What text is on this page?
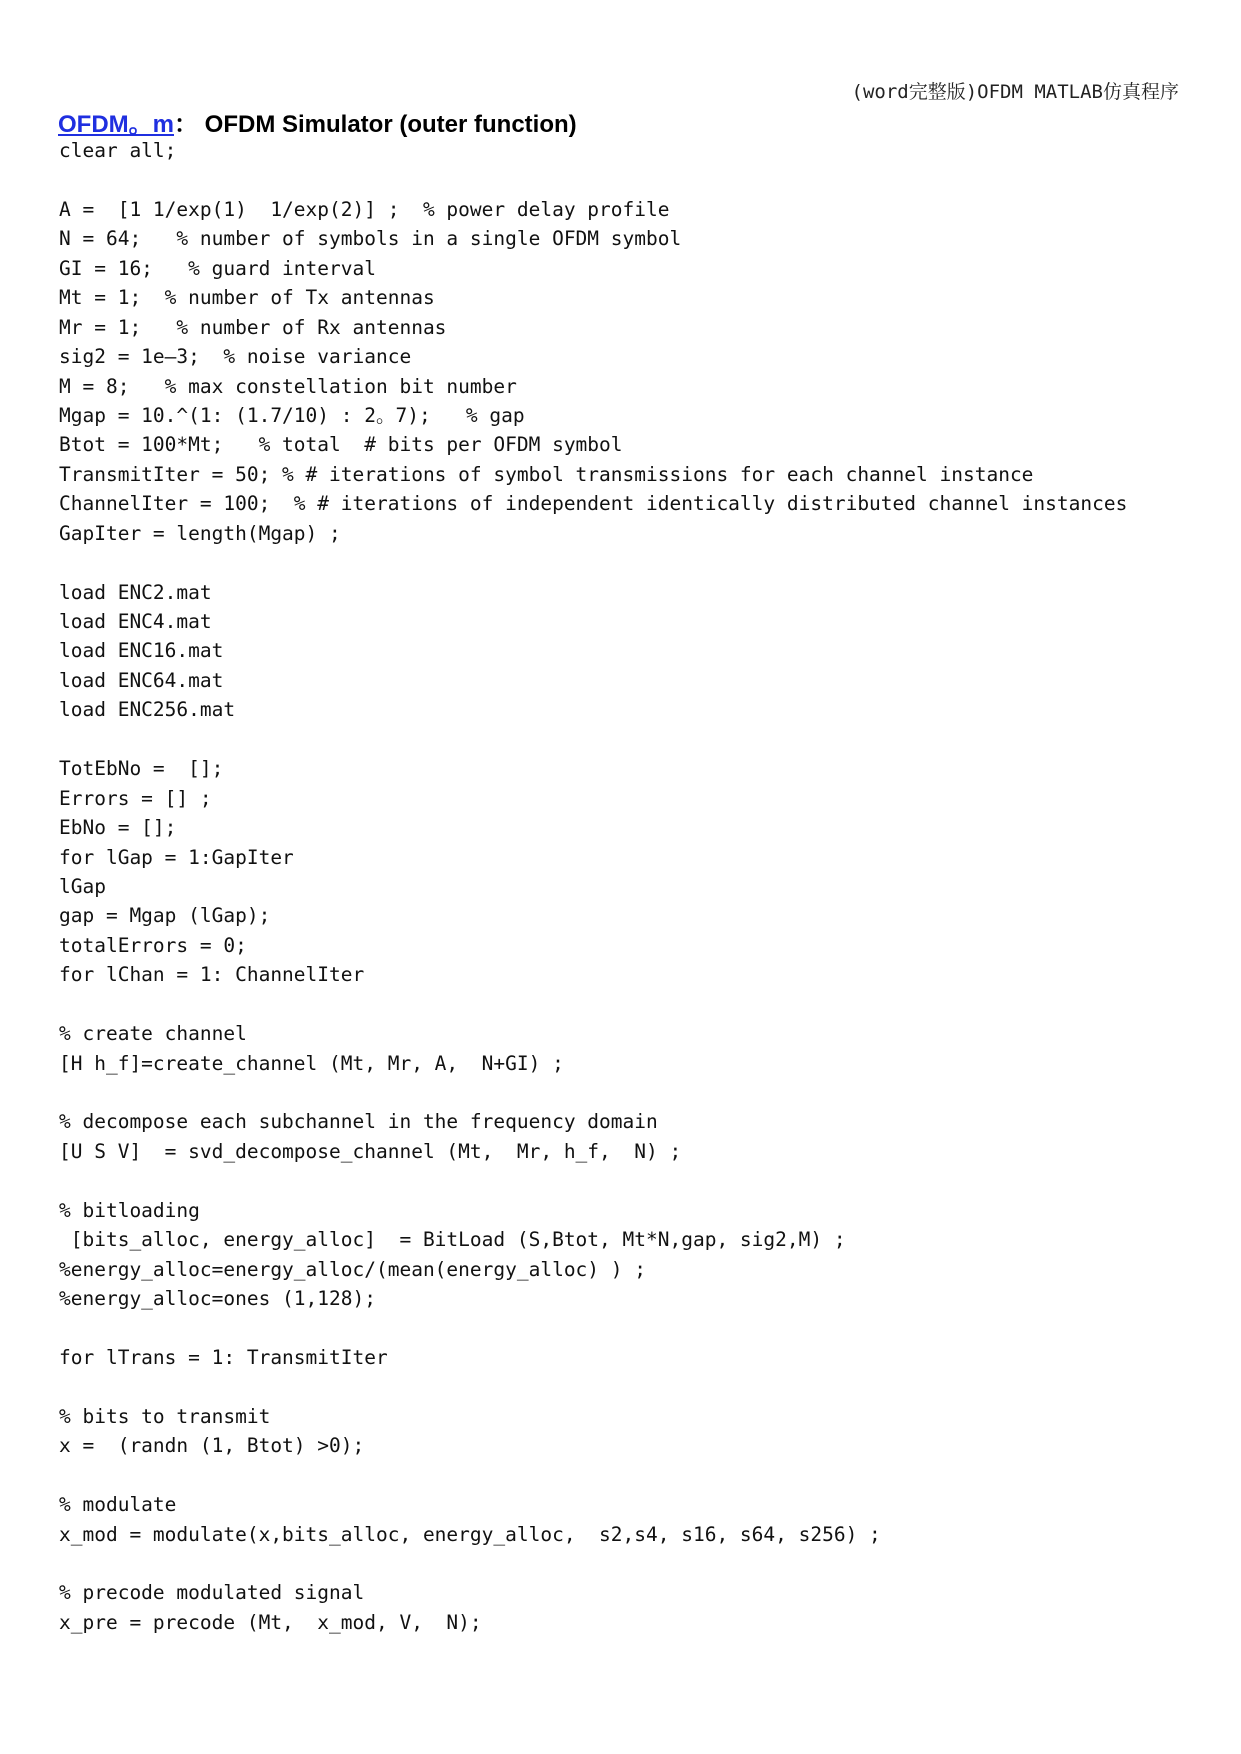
(word完整版)OFDM MATLAB仿真程序
OFDM。m： OFDM Simulator (outer function)
clear all;

A =  [1 1/exp(1)  1/exp(2)] ;  % power delay profile
N = 64;   % number of symbols in a single OFDM symbol
GI = 16;   % guard interval
Mt = 1;  % number of Tx antennas
Mr = 1;   % number of Rx antennas
sig2 = 1e—3;  % noise variance
M = 8;   % max constellation bit number
Mgap = 10.^(1: (1.7/10) : 2。7);   % gap
Btot = 100*Mt;   % total  # bits per OFDM symbol
TransmitIter = 50; % # iterations of symbol transmissions for each channel instance
ChannelIter = 100;  % # iterations of independent identically distributed channel instances
GapIter = length(Mgap) ;

load ENC2.mat
load ENC4.mat
load ENC16.mat
load ENC64.mat
load ENC256.mat

TotEbNo =  [];
Errors = [] ;
EbNo = [];
for lGap = 1:GapIter
lGap
gap = Mgap (lGap);
totalErrors = 0;
for lChan = 1: ChannelIter

% create channel
[H h_f]=create_channel (Mt, Mr, A,  N+GI) ;

% decompose each subchannel in the frequency domain
[U S V]  = svd_decompose_channel (Mt,  Mr, h_f,  N) ;

% bitloading
[bits_alloc, energy_alloc]  = BitLoad (S,Btot, Mt*N,gap, sig2,M) ;
%energy_alloc=energy_alloc/(mean(energy_alloc) ) ;
%energy_alloc=ones (1,128);

for lTrans = 1: TransmitIter

% bits to transmit
x =  (randn (1, Btot) >0);

% modulate
x_mod = modulate(x,bits_alloc, energy_alloc,  s2,s4, s16, s64, s256) ;

% precode modulated signal
x_pre = precode (Mt,  x_mod, V,  N);
